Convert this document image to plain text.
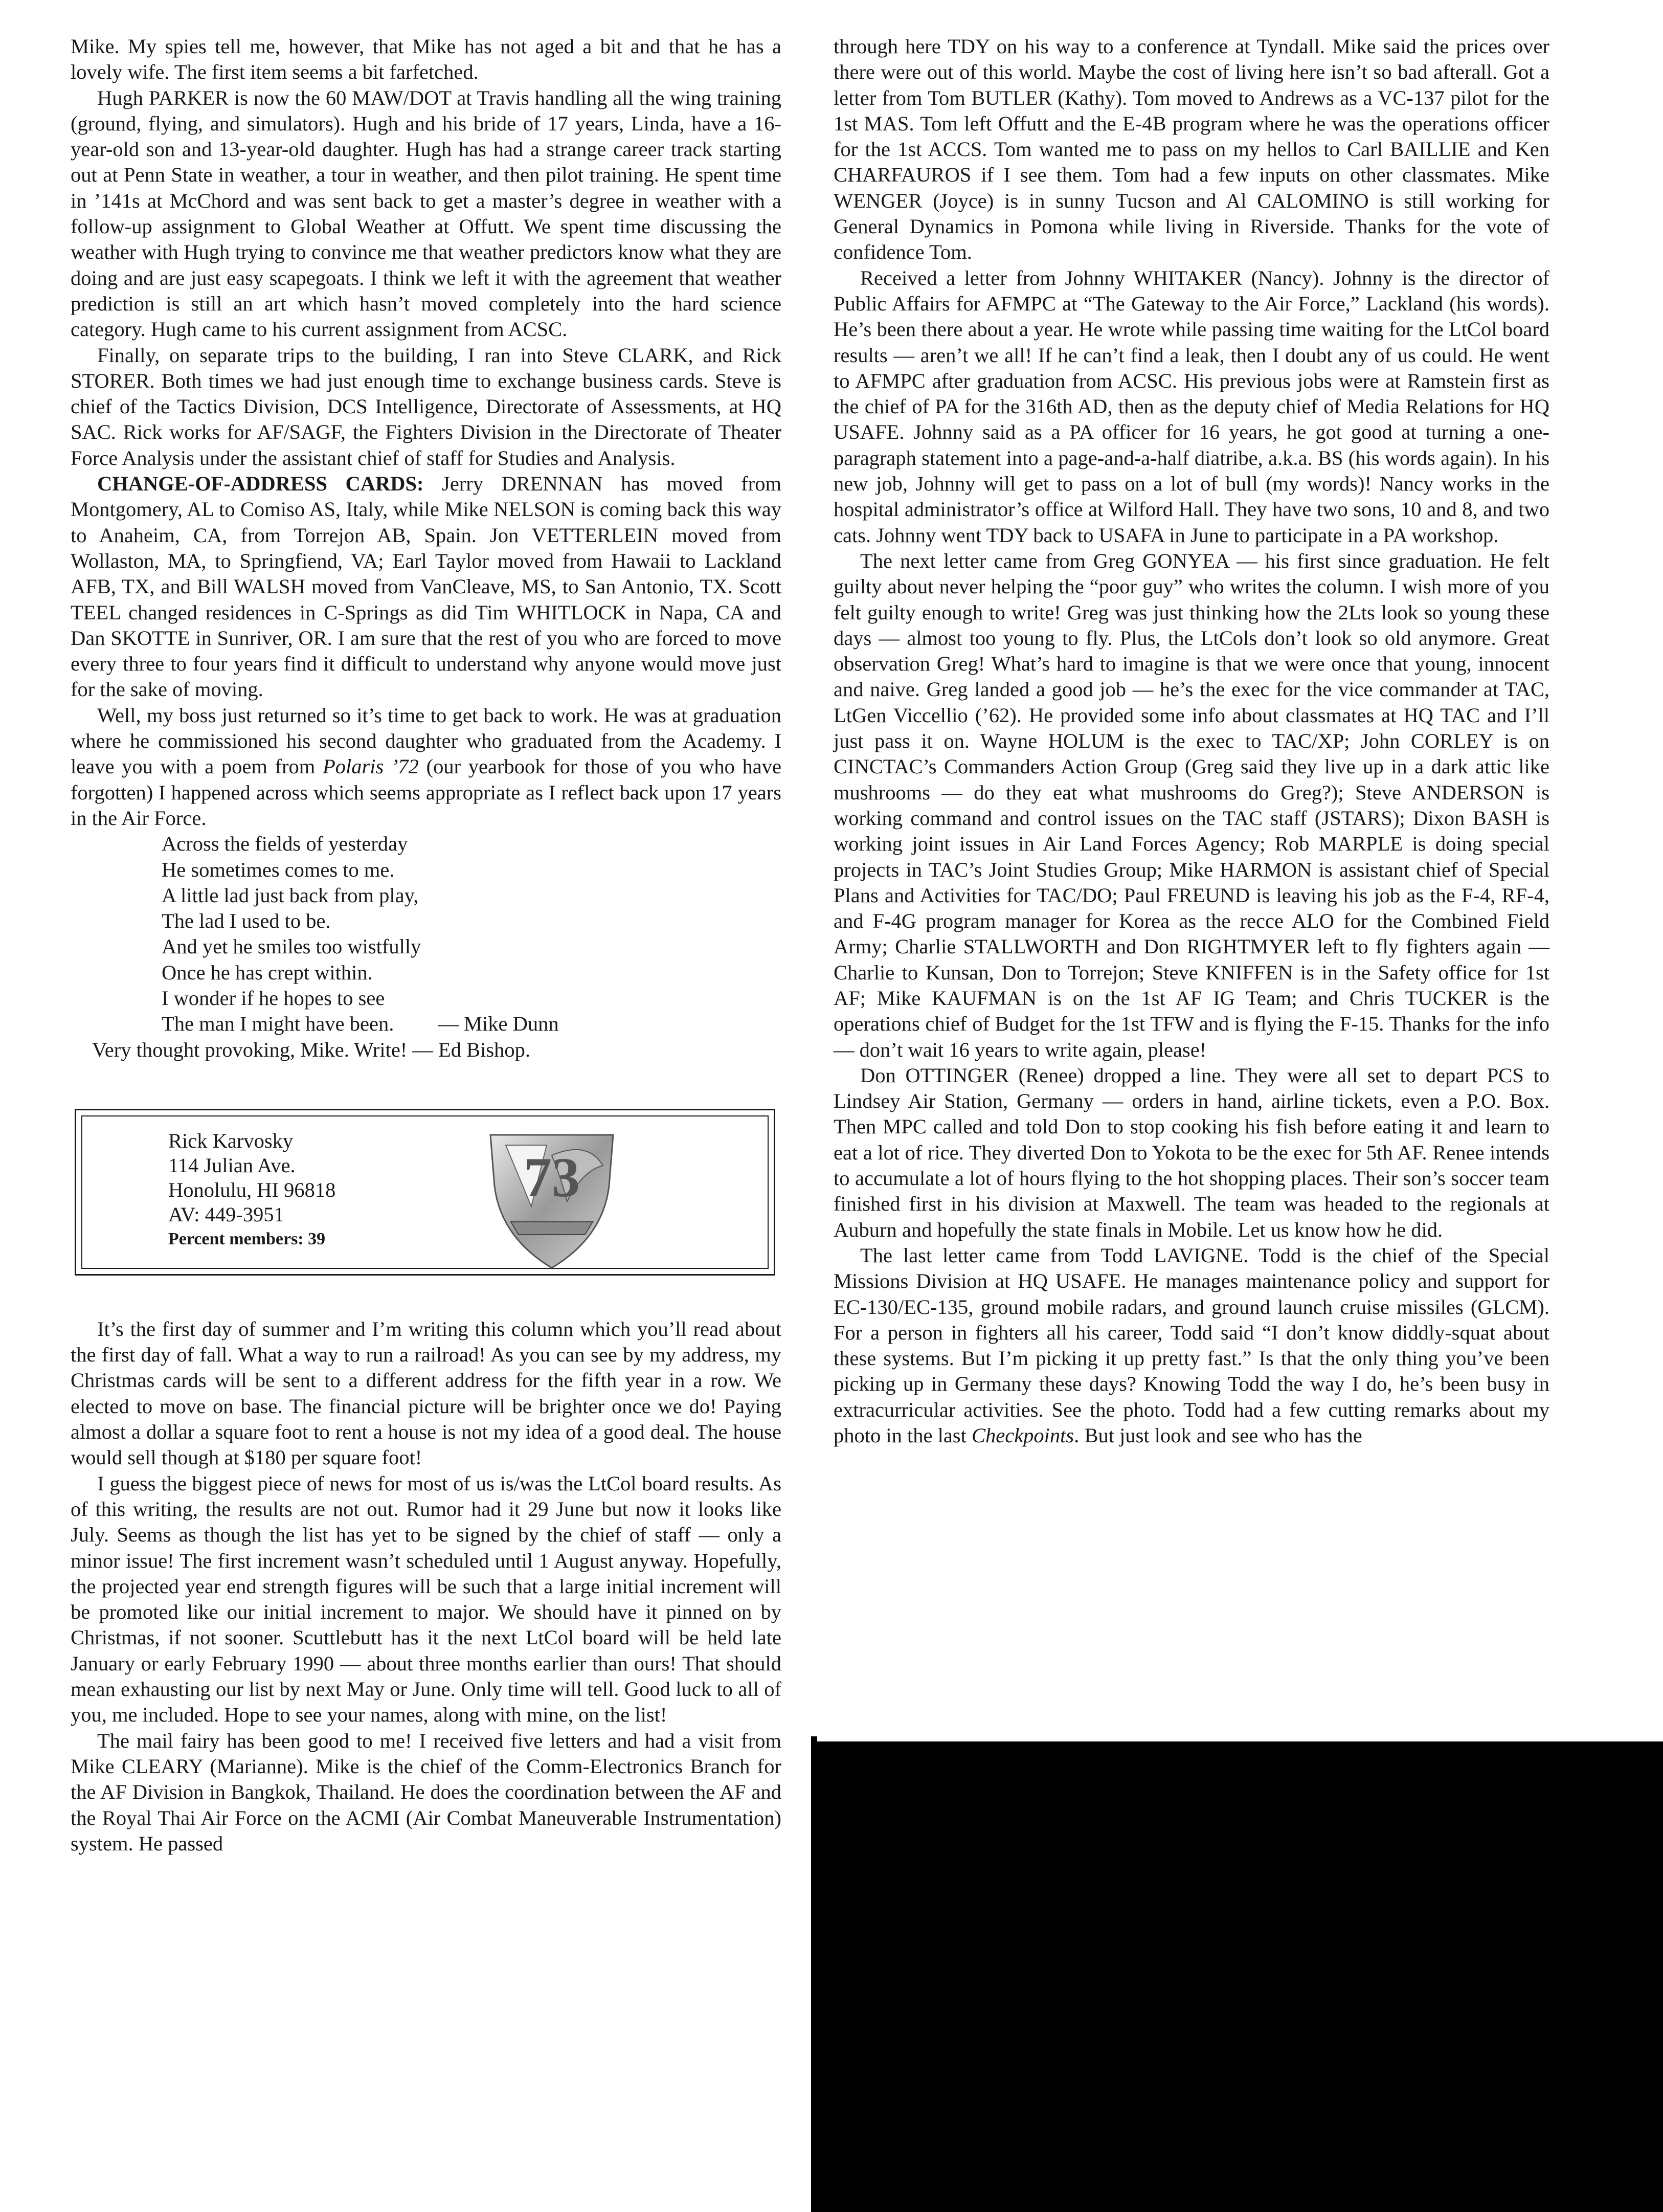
Mike. My spies tell me, however, that Mike has not aged a bit and that he has a lovely wife. The first item seems a bit farfetched.

Hugh PARKER is now the 60 MAW/DOT at Travis handling all the wing training (ground, flying, and simulators). Hugh and his bride of 17 years, Linda, have a 16-year-old son and 13-year-old daughter. Hugh has had a strange career track starting out at Penn State in weather, a tour in weather, and then pilot training. He spent time in ’141s at McChord and was sent back to get a master’s degree in weather with a follow-up assignment to Global Weather at Offutt. We spent time discussing the weather with Hugh trying to convince me that weather predictors know what they are doing and are just easy scapegoats. I think we left it with the agreement that weather prediction is still an art which hasn’t moved completely into the hard science category. Hugh came to his current assignment from ACSC.

Finally, on separate trips to the building, I ran into Steve CLARK, and Rick STORER. Both times we had just enough time to exchange business cards. Steve is chief of the Tactics Division, DCS Intelligence, Directorate of Assessments, at HQ SAC. Rick works for AF/SAGF, the Fighters Division in the Directorate of Theater Force Analysis under the assistant chief of staff for Studies and Analysis.

CHANGE-OF-ADDRESS CARDS: Jerry DRENNAN has moved from Montgomery, AL to Comiso AS, Italy, while Mike NELSON is coming back this way to Anaheim, CA, from Torrejon AB, Spain. Jon VETTERLEIN moved from Wollaston, MA, to Springfiend, VA; Earl Taylor moved from Hawaii to Lackland AFB, TX, and Bill WALSH moved from VanCleave, MS, to San Antonio, TX. Scott TEEL changed residences in C-Springs as did Tim WHITLOCK in Napa, CA and Dan SKOTTE in Sunriver, OR. I am sure that the rest of you who are forced to move every three to four years find it difficult to understand why anyone would move just for the sake of moving.

Well, my boss just returned so it’s time to get back to work. He was at graduation where he commissioned his second daughter who graduated from the Academy. I leave you with a poem from Polaris ’72 (our yearbook for those of you who have forgotten) I happened across which seems appropriate as I reflect back upon 17 years in the Air Force.

Across the fields of yesterday
He sometimes comes to me.
A little lad just back from play,
The lad I used to be.
And yet he smiles too wistfully
Once he has crept within.
I wonder if he hopes to see
The man I might have been. — Mike Dunn

Very thought provoking, Mike. Write! — Ed Bishop.

Rick Karvosky
114 Julian Ave.
Honolulu, HI 96818
AV: 449-3951
Percent members: 39
73

It’s the first day of summer and I’m writing this column which you’ll read about the first day of fall. What a way to run a railroad! As you can see by my address, my Christmas cards will be sent to a different address for the fifth year in a row. We elected to move on base. The financial picture will be brighter once we do! Paying almost a dollar a square foot to rent a house is not my idea of a good deal. The house would sell though at $180 per square foot!

I guess the biggest piece of news for most of us is/was the LtCol board results. As of this writing, the results are not out. Rumor had it 29 June but now it looks like July. Seems as though the list has yet to be signed by the chief of staff — only a minor issue! The first increment wasn’t scheduled until 1 August anyway. Hopefully, the projected year end strength figures will be such that a large initial increment will be promoted like our initial increment to major. We should have it pinned on by Christmas, if not sooner. Scuttlebutt has it the next LtCol board will be held late January or early February 1990 — about three months earlier than ours! That should mean exhausting our list by next May or June. Only time will tell. Good luck to all of you, me included. Hope to see your names, along with mine, on the list!

The mail fairy has been good to me! I received five letters and had a visit from Mike CLEARY (Marianne). Mike is the chief of the Comm-Electronics Branch for the AF Division in Bangkok, Thailand. He does the coordination between the AF and the Royal Thai Air Force on the ACMI (Air Combat Maneuverable Instrumentation) system. He passed

through here TDY on his way to a conference at Tyndall. Mike said the prices over there were out of this world. Maybe the cost of living here isn’t so bad afterall. Got a letter from Tom BUTLER (Kathy). Tom moved to Andrews as a VC-137 pilot for the 1st MAS. Tom left Offutt and the E-4B program where he was the operations officer for the 1st ACCS. Tom wanted me to pass on my hellos to Carl BAILLIE and Ken CHARFAUROS if I see them. Tom had a few inputs on other classmates. Mike WENGER (Joyce) is in sunny Tucson and Al CALOMINO is still working for General Dynamics in Pomona while living in Riverside. Thanks for the vote of confidence Tom.

Received a letter from Johnny WHITAKER (Nancy). Johnny is the director of Public Affairs for AFMPC at “The Gateway to the Air Force,” Lackland (his words). He’s been there about a year. He wrote while passing time waiting for the LtCol board results — aren’t we all! If he can’t find a leak, then I doubt any of us could. He went to AFMPC after graduation from ACSC. His previous jobs were at Ramstein first as the chief of PA for the 316th AD, then as the deputy chief of Media Relations for HQ USAFE. Johnny said as a PA officer for 16 years, he got good at turning a one-paragraph statement into a page-and-a-half diatribe, a.k.a. BS (his words again). In his new job, Johnny will get to pass on a lot of bull (my words)! Nancy works in the hospital administrator’s office at Wilford Hall. They have two sons, 10 and 8, and two cats. Johnny went TDY back to USAFA in June to participate in a PA workshop.

The next letter came from Greg GONYEA — his first since graduation. He felt guilty about never helping the “poor guy” who writes the column. I wish more of you felt guilty enough to write! Greg was just thinking how the 2Lts look so young these days — almost too young to fly. Plus, the LtCols don’t look so old anymore. Great observation Greg! What’s hard to imagine is that we were once that young, innocent and naive. Greg landed a good job — he’s the exec for the vice commander at TAC, LtGen Viccellio (’62). He provided some info about classmates at HQ TAC and I’ll just pass it on. Wayne HOLUM is the exec to TAC/XP; John CORLEY is on CINCTAC’s Commanders Action Group (Greg said they live up in a dark attic like mushrooms — do they eat what mushrooms do Greg?); Steve ANDERSON is working command and control issues on the TAC staff (JSTARS); Dixon BASH is working joint issues in Air Land Forces Agency; Rob MARPLE is doing special projects in TAC’s Joint Studies Group; Mike HARMON is assistant chief of Special Plans and Activities for TAC/DO; Paul FREUND is leaving his job as the F-4, RF-4, and F-4G program manager for Korea as the recce ALO for the Combined Field Army; Charlie STALLWORTH and Don RIGHTMYER left to fly fighters again — Charlie to Kunsan, Don to Torrejon; Steve KNIFFEN is in the Safety office for 1st AF; Mike KAUFMAN is on the 1st AF IG Team; and Chris TUCKER is the operations chief of Budget for the 1st TFW and is flying the F-15. Thanks for the info — don’t wait 16 years to write again, please!

Don OTTINGER (Renee) dropped a line. They were all set to depart PCS to Lindsey Air Station, Germany — orders in hand, airline tickets, even a P.O. Box. Then MPC called and told Don to stop cooking his fish before eating it and learn to eat a lot of rice. They diverted Don to Yokota to be the exec for 5th AF. Renee intends to accumulate a lot of hours flying to the hot shopping places. Their son’s soccer team finished first in his division at Maxwell. The team was headed to the regionals at Auburn and hopefully the state finals in Mobile. Let us know how he did.

The last letter came from Todd LAVIGNE. Todd is the chief of the Special Missions Division at HQ USAFE. He manages maintenance policy and support for EC-130/EC-135, ground mobile radars, and ground launch cruise missiles (GLCM). For a person in fighters all his career, Todd said “I don’t know diddly-squat about these systems. But I’m picking it up pretty fast.” Is that the only thing you’ve been picking up in Germany these days? Knowing Todd the way I do, he’s been busy in extracurricular activities. See the photo. Todd had a few cutting remarks about my photo in the last Checkpoints. But just look and see who has the
